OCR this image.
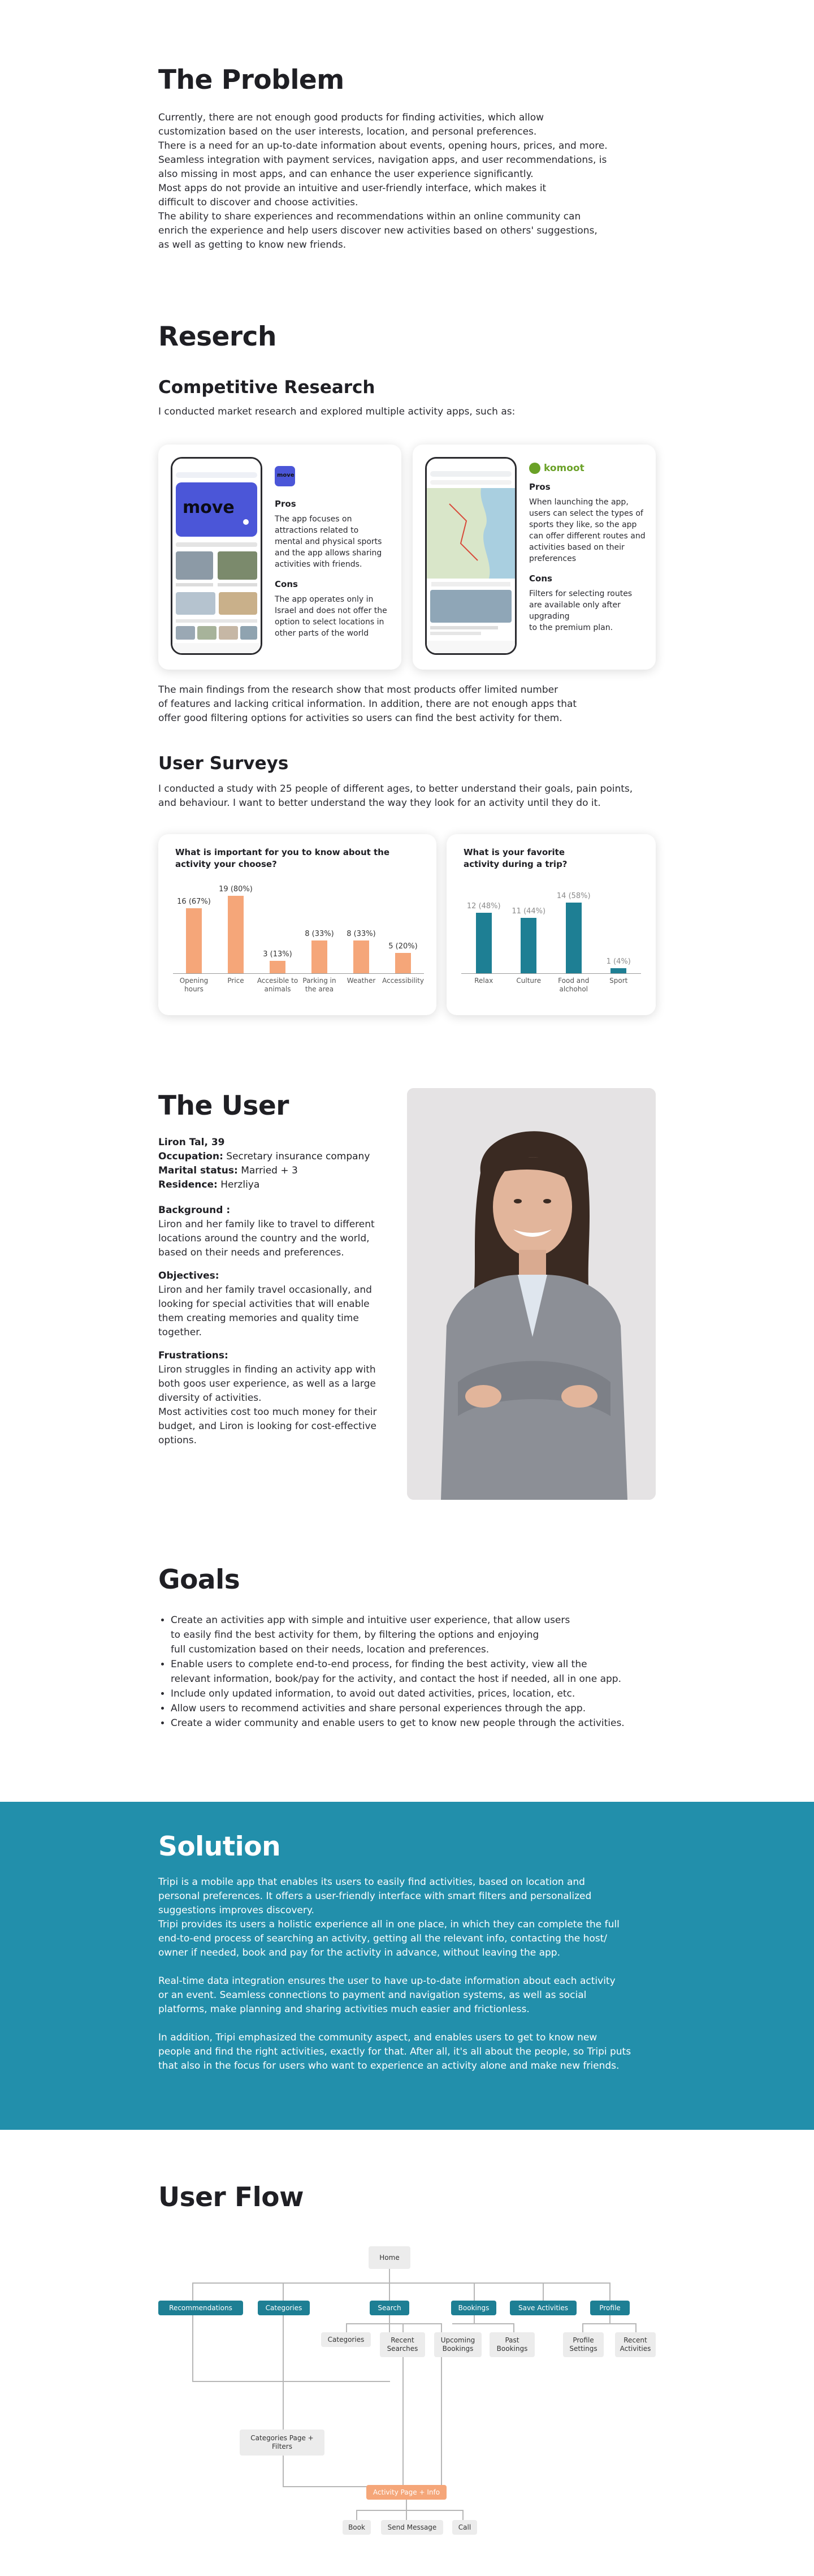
The Problem
Currently, there are not enough good products for finding activities, which allow
customization based on the user interests, location, and personal preferences.
There is a need for an up-to-date information about events, opening hours, prices, and more.
Seamless integration with payment services, navigation apps, and user recommendations, is
also missing in most apps, and can enhance the user experience significantly.
Most apps do not provide an intuitive and user-friendly interface, which makes it
difficult to discover and choose activities.
The ability to share experiences and recommendations within an online community can
enrich the experience and help users discover new activities based on others' suggestions,
as well as getting to know new friends.
Reserch
Competitive Research
I conducted market research and explored multiple activity apps, such as:
move
move
Pros
The app focuses on
attractions related to
mental and physical sports
and the app allows sharing
activities with friends.
Cons
The app operates only in
Israel and does not offer the
option to select locations in
other parts of the world
komoot
Pros
When launching the app,
users can select the types of
sports they like, so the app
can offer different routes and
activities based on their
preferences
Cons
Filters for selecting routes
are available only after
upgrading
to the premium plan.
The main findings from the research show that most products offer limited number
of features and lacking critical information. In addition, there are not enough apps that
offer good filtering options for activities so users can find the best activity for them.
User Surveys
I conducted a study with 25 people of different ages, to better understand their goals, pain points,
and behaviour. I want to better understand the way they look for an activity until they do it.
What is important for you to know about the activity your choose?
16 (67%)
Opening hours
19 (80%)
Price
3 (13%)
Accesible to animals
8 (33%)
Parking in the area
8 (33%)
Weather
5 (20%)
Accessibility
What is your favorite activity during a trip?
12 (48%)
Relax
11 (44%)
Culture
14 (58%)
Food and alchohol
1 (4%)
Sport
The User
Liron Tal, 39
Occupation: Secretary insurance company
Marital status: Married + 3
Residence: Herzliya
Background :
Liron and her family like to travel to different
locations around the country and the world,
based on their needs and preferences.
Objectives:
Liron and her family travel occasionally, and
looking for special activities that will enable
them creating memories and quality time
together.
Frustrations:
Liron struggles in finding an activity app with
both goos user experience, as well as a large
diversity of activities.
Most activities cost too much money for their
budget, and Liron is looking for cost-effective
options.
Goals
• Create an activities app with simple and intuitive user experience, that allow users
to easily find the best activity for them, by filtering the options and enjoying
full customization based on their needs, location and preferences.
• Enable users to complete end-to-end process, for finding the best activity, view all the
relevant information, book/pay for the activity, and contact the host if needed, all in one app.
• Include only updated information, to avoid out dated activities, prices, location, etc.
• Allow users to recommend activities and share personal experiences through the app.
• Create a wider community and enable users to get to know new people through the activities.
Solution
Tripi is a mobile app that enables its users to easily find activities, based on location and
personal preferences. It offers a user-friendly interface with smart filters and personalized
suggestions improves discovery.
Tripi provides its users a holistic experience all in one place, in which they can complete the full
end-to-end process of searching an activity, getting all the relevant info, contacting the host/
owner if needed, book and pay for the activity in advance, without leaving the app.
Real-time data integration ensures the user to have up-to-date information about each activity
or an event. Seamless connections to payment and navigation systems, as well as social
platforms, make planning and sharing activities much easier and frictionless.
In addition, Tripi emphasized the community aspect, and enables users to get to know new
people and find the right activities, exactly for that. After all, it's all about the people, so Tripi puts
that also in the focus for users who want to experience an activity alone and make new friends.
User Flow
Home
Recommendations	Categories	Search	Bookings	Save Activities	Profile
Categories	Recent Searches
Upcoming Bookings
Past Bookings
Profile Settings
Recent Activities
Categories Page + Filters
Activity Page + Info
Book	Send Message	Call
